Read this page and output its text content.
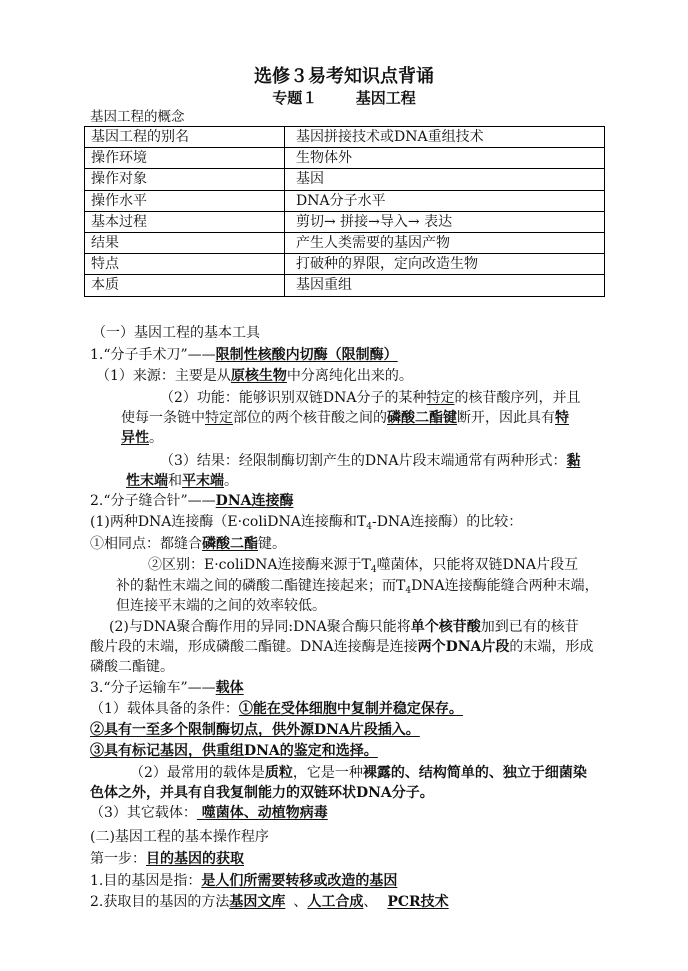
选修３易考知识点背诵
专题１	基因工程
基因工程的概念
基因工程的别名	基因拼接技术或DNA重组技术
操作环境	生物体外
操作对象	基因
操作水平	DNA分子水平
基本过程	剪切→ 拼接→导入→ 表达
结果	产生人类需要的基因产物
特点	打破种的界限，定向改造生物
本质	基因重组
（一）基因工程的基本工具
1.“分子手术刀”——限制性核酸内切酶（限制酶）
（1）来源：主要是从原核生物中分离纯化出来的。
（2）功能：能够识别双链DNA分子的某种特定的核苷酸序列，并且
使每一条链中特定部位的两个核苷酸之间的磷酸二酯键断开，因此具有特
异性。
（3）结果：经限制酶切割产生的DNA片段末端通常有两种形式：黏
性末端和平末端。
2.“分子缝合针”——DNA连接酶
(1)两种DNA连接酶（E·coliDNA连接酶和$T_4$-DNA连接酶）的比较：
①相同点：都缝合磷酸二酯键。
②区别：E·coliDNA连接酶来源于$T_4$噬菌体，只能将双链DNA片段互
补的黏性末端之间的磷酸二酯键连接起来；而$T_4DNA$连接酶能缝合两种末端，
但连接平末端的之间的效率较低。
(2)与DNA聚合酶作用的异同:DNA聚合酶只能将单个核苷酸加到已有的核苷
酸片段的末端，形成磷酸二酯键。DNA连接酶是连接两个DNA片段的末端，形成
磷酸二酯键。
3.“分子运输车”——载体
（1）载体具备的条件：①能在受体细胞中复制并稳定保存。
②具有一至多个限制酶切点，供外源DNA片段插入。
③具有标记基因，供重组DNA的鉴定和选择。
（2）最常用的载体是质粒，它是一种裸露的、结构简单的、独立于细菌染
色体之外，并具有自我复制能力的双链环状DNA分子。
（3）其它载体： 噬菌体、动植物病毒
(二)基因工程的基本操作程序
第一步：目的基因的获取
1.目的基因是指：是人们所需要转移或改造的基因
2.获取目的基因的方法基因文库 、人工合成、 PCR技术
